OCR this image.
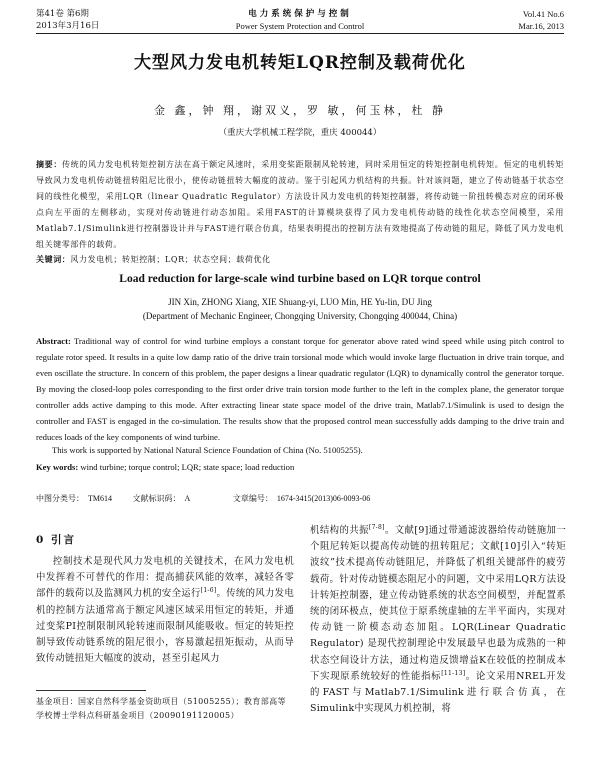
第41卷 第6期
2013年3月16日
电力系统保护与控制
Power System Protection and Control
Vol.41 No.6
Mar.16, 2013
大型风力发电机转矩LQR控制及载荷优化
金 鑫，钟 翔，谢双义，罗 敏，何玉林，杜 静
（重庆大学机械工程学院，重庆 400044）
摘要：传统的风力发电机转矩控制方法在高于额定风速时，采用变桨距限制风轮转速，同时采用恒定的转矩控制电机转矩。恒定的电机转矩导致风力发电机传动链扭转阻尼比很小，使传动链扭转大幅度的波动。鉴于引起风力机结构的共振。针对该问题，建立了传动链基于状态空间的线性化模型，采用LQR（linear Quadratic Regulator）方法设计风力发电机的转矩控制器，将传动链一阶扭转模态对应的闭环极点向左平面的左侧移动，实现对传动链进行动态加阻。采用FAST的计算模块获得了风力发电机传动链的线性化状态空间模型，采用Matlab7.1/Simulink进行控制器设计并与FAST进行联合仿真，结果表明提出的控制方法有效地提高了传动链的阻尼，降低了风力发电机组关键零部件的载荷。
关键词：风力发电机；转矩控制；LQR；状态空间；载荷优化
Load reduction for large-scale wind turbine based on LQR torque control
JIN Xin, ZHONG Xiang, XIE Shuang-yi, LUO Min, HE Yu-lin, DU Jing
(Department of Mechanic Engineer, Chongqing University, Chongqing 400044, China)
Abstract: Traditional way of control for wind turbine employs a constant torque for generator above rated wind speed while using pitch control to regulate rotor speed. It results in a quite low damp ratio of the drive train torsional mode which would invoke large fluctuation in drive train torque, and even oscillate the structure. In concern of this problem, the paper designs a linear quadratic regulator (LQR) to dynamically control the generator torque. By moving the closed-loop poles corresponding to the first order drive train torsion mode further to the left in the complex plane, the generator torque controller adds active damping to this mode. After extracting linear state space model of the drive train, Matlab7.1/Simulink is used to design the controller and FAST is engaged in the co-simulation. The results show that the proposed control mean successfully adds damping to the drive train and reduces loads of the key components of wind turbine.
This work is supported by National Natural Science Foundation of China (No. 51005255).
Key words: wind turbine; torque control; LQR; state space; load reduction
中图分类号： TM614	文献标识码： A	文章编号： 1674-3415(2013)06-0093-06
0 引言
控制技术是现代风力发电机的关键技术，在风力发电机中发挥着不可替代的作用：提高捕获风能的效率，减轻各零部件的载荷以及监测风力机的安全运行[1-6]。传统的风力发电机的控制方法通常高于额定风速区域采用恒定的转矩，并通过变桨PI控制限制风轮转速而限制风能吸收。恒定的转矩控制导致传动链系统的阻尼很小，容易激起扭矩振动，从而导致传动链扭矩大幅度的波动，甚至引起风力
机结构的共振[7-8]。文献[9]通过带通滤波器给传动链施加一个阻尼转矩以提高传动链的扭转阻尼；文献[10]引入“转矩波纹”技术提高传动链阻尼，并降低了机组关键部件的疲劳载荷。针对传动链模态阻尼小的问题，文中采用LQR方法设计转矩控制器，建立传动链系统的状态空间模型，并配置系统的闭环极点，使其位于原系统虚轴的左半平面内，实现对传动链一阶模态动态加阻。LQR(Linear Quadratic Regulator) 是现代控制理论中发展最早也最为成熟的一种状态空间设计方法，通过构造反馈增益K在较低的控制成本下实现原系统较好的性能指标[11-13]。论文采用NREL开发的FAST与Matlab7.1/Simulink进行联合仿真，在Simulink中实现风力机控制，将
基金项目：国家自然科学基金资助项目（51005255）；教育部高等学校博士学科点科研基金项目（20090191120005）
